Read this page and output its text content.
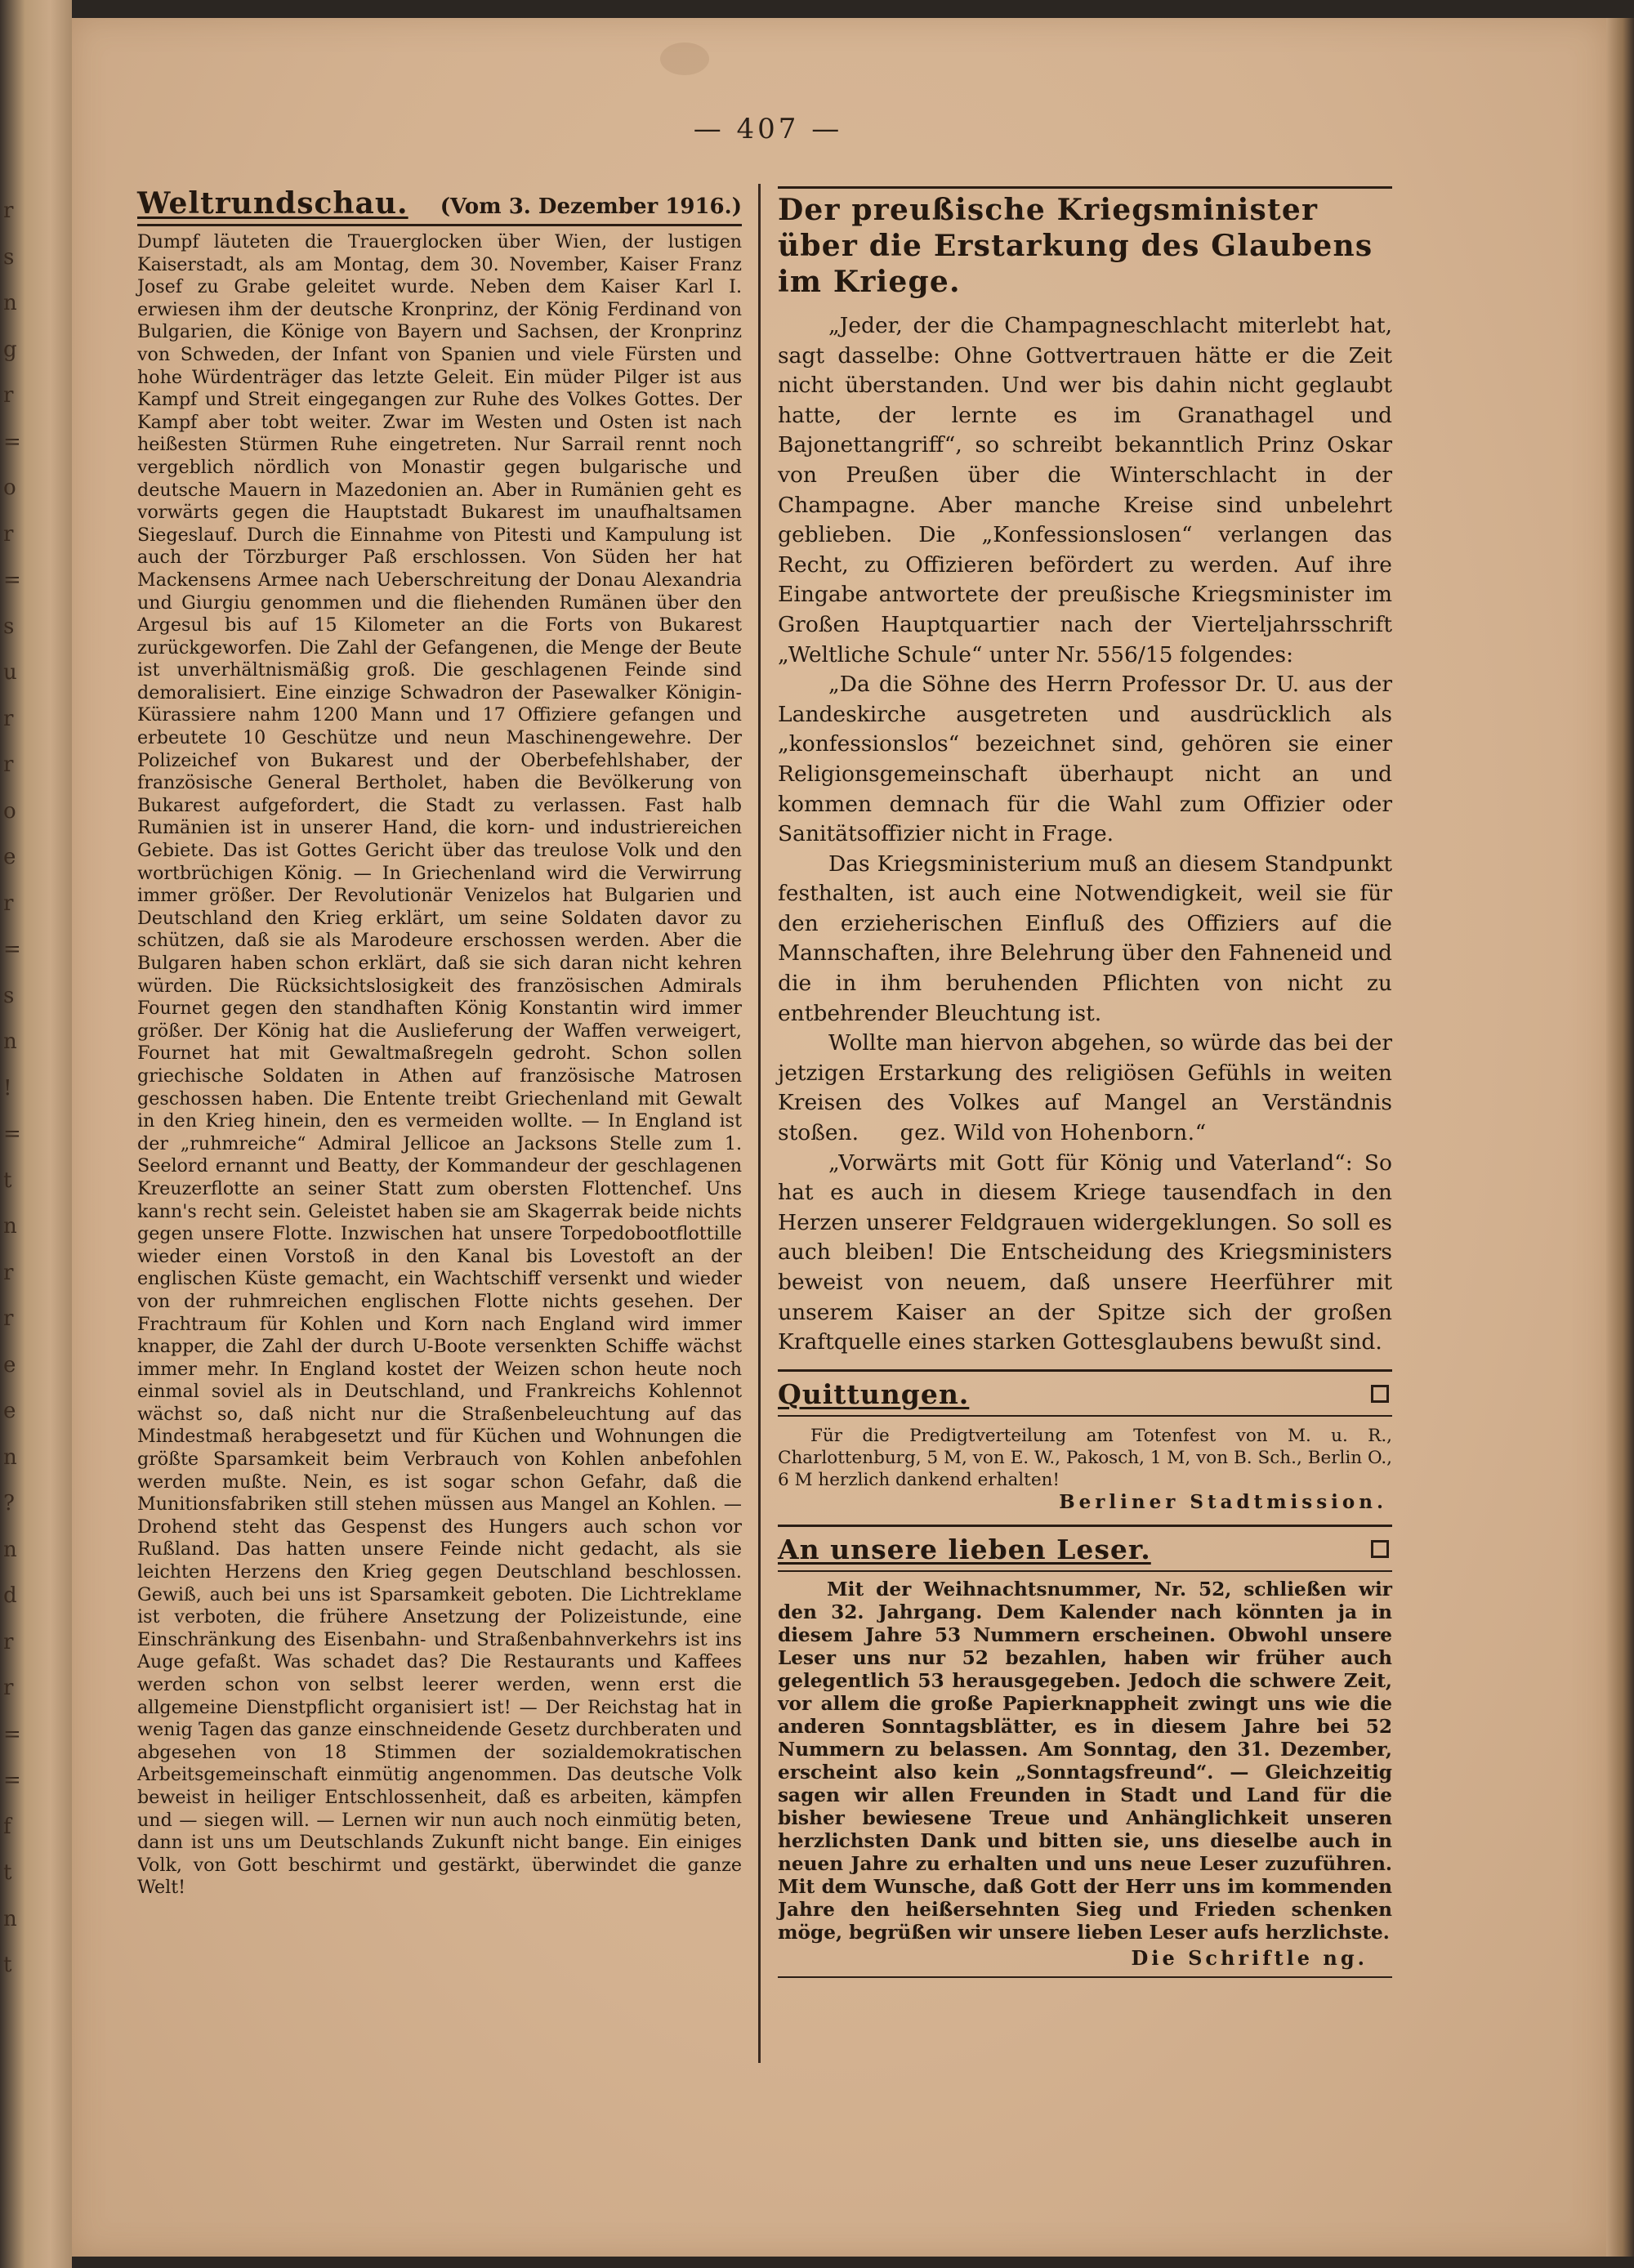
r
s
n
g
r
=
o
r
=
s
u
r
r
o
e
r
=
s
n
!
=
t
n
r
r
e
e
n
?
n
d
r
r
=
=
f
t
n
t
— 407 —
Weltrundschau. (Vom 3. Dezember 1916.)

Dumpf läuteten die Trauerglocken über Wien, der lustigen Kaiserstadt, als am Montag, dem 30. November, Kaiser Franz Josef zu Grabe geleitet wurde. Neben dem Kaiser Karl I. erwiesen ihm der deutsche Kronprinz, der König Ferdinand von Bulgarien, die Könige von Bayern und Sachsen, der Kronprinz von Schweden, der Infant von Spanien und viele Fürsten und hohe Würdenträger das letzte Geleit. Ein müder Pilger ist aus Kampf und Streit eingegangen zur Ruhe des Volkes Gottes. Der Kampf aber tobt weiter. Zwar im Westen und Osten ist nach heißesten Stürmen Ruhe eingetreten. Nur Sarrail rennt noch vergeblich nördlich von Monastir gegen bulgarische und deutsche Mauern in Mazedonien an. Aber in Rumänien geht es vorwärts gegen die Hauptstadt Bukarest im unaufhaltsamen Siegeslauf. Durch die Einnahme von Pitesti und Kampulung ist auch der Törzburger Paß erschlossen. Von Süden her hat Mackensens Armee nach Ueberschreitung der Donau Alexandria und Giurgiu genommen und die fliehenden Rumänen über den Argesul bis auf 15 Kilometer an die Forts von Bukarest zurückgeworfen. Die Zahl der Gefangenen, die Menge der Beute ist unverhältnismäßig groß. Die geschlagenen Feinde sind demoralisiert. Eine einzige Schwadron der Pasewalker Königin-Kürassiere nahm 1200 Mann und 17 Offiziere gefangen und erbeutete 10 Geschütze und neun Maschinengewehre. Der Polizeichef von Bukarest und der Oberbefehlshaber, der französische General Bertholet, haben die Bevölkerung von Bukarest aufgefordert, die Stadt zu verlassen. Fast halb Rumänien ist in unserer Hand, die korn- und industriereichen Gebiete. Das ist Gottes Gericht über das treulose Volk und den wortbrüchigen König. — In Griechenland wird die Verwirrung immer größer. Der Revolutionär Venizelos hat Bulgarien und Deutschland den Krieg erklärt, um seine Soldaten davor zu schützen, daß sie als Marodeure erschossen werden. Aber die Bulgaren haben schon erklärt, daß sie sich daran nicht kehren würden. Die Rücksichtslosigkeit des französischen Admirals Fournet gegen den standhaften König Konstantin wird immer größer. Der König hat die Auslieferung der Waffen verweigert, Fournet hat mit Gewaltmaßregeln gedroht. Schon sollen griechische Soldaten in Athen auf französische Matrosen geschossen haben. Die Entente treibt Griechenland mit Gewalt in den Krieg hinein, den es vermeiden wollte. — In England ist der „ruhmreiche“ Admiral Jellicoe an Jacksons Stelle zum 1. Seelord ernannt und Beatty, der Kommandeur der geschlagenen Kreuzerflotte an seiner Statt zum obersten Flottenchef. Uns kann's recht sein. Geleistet haben sie am Skagerrak beide nichts gegen unsere Flotte. Inzwischen hat unsere Torpedobootflottille wieder einen Vorstoß in den Kanal bis Lovestoft an der englischen Küste gemacht, ein Wachtschiff versenkt und wieder von der ruhmreichen englischen Flotte nichts gesehen. Der Frachtraum für Kohlen und Korn nach England wird immer knapper, die Zahl der durch U-Boote versenkten Schiffe wächst immer mehr. In England kostet der Weizen schon heute noch einmal soviel als in Deutschland, und Frankreichs Kohlennot wächst so, daß nicht nur die Straßenbeleuchtung auf das Mindestmaß herabgesetzt und für Küchen und Wohnungen die größte Sparsamkeit beim Verbrauch von Kohlen anbefohlen werden mußte. Nein, es ist sogar schon Gefahr, daß die Munitionsfabriken still stehen müssen aus Mangel an Kohlen. — Drohend steht das Gespenst des Hungers auch schon vor Rußland. Das hatten unsere Feinde nicht gedacht, als sie leichten Herzens den Krieg gegen Deutschland beschlossen. Gewiß, auch bei uns ist Sparsamkeit geboten. Die Lichtreklame ist verboten, die frühere Ansetzung der Polizeistunde, eine Einschränkung des Eisenbahn- und Straßenbahnverkehrs ist ins Auge gefaßt. Was schadet das? Die Restaurants und Kaffees werden schon von selbst leerer werden, wenn erst die allgemeine Dienstpflicht organisiert ist! — Der Reichstag hat in wenig Tagen das ganze einschneidende Gesetz durchberaten und abgesehen von 18 Stimmen der sozialdemokratischen Arbeitsgemeinschaft einmütig angenommen. Das deutsche Volk beweist in heiliger Entschlossenheit, daß es arbeiten, kämpfen und — siegen will. — Lernen wir nun auch noch einmütig beten, dann ist uns um Deutschlands Zukunft nicht bange. Ein einiges Volk, von Gott beschirmt und gestärkt, überwindet die ganze Welt!

Der preußische Kriegsminister über die Erstarkung des Glaubens im Kriege.

„Jeder, der die Champagneschlacht miterlebt hat, sagt dasselbe: Ohne Gottvertrauen hätte er die Zeit nicht überstanden. Und wer bis dahin nicht geglaubt hatte, der lernte es im Granathagel und Bajonettangriff“, so schreibt bekanntlich Prinz Oskar von Preußen über die Winterschlacht in der Champagne. Aber manche Kreise sind unbelehrt geblieben. Die „Konfessionslosen“ verlangen das Recht, zu Offizieren befördert zu werden. Auf ihre Eingabe antwortete der preußische Kriegsminister im Großen Hauptquartier nach der Vierteljahrsschrift „Weltliche Schule“ unter Nr. 556/15 folgendes:

„Da die Söhne des Herrn Professor Dr. U. aus der Landeskirche ausgetreten und ausdrücklich als „konfessionslos“ bezeichnet sind, gehören sie einer Religionsgemeinschaft überhaupt nicht an und kommen demnach für die Wahl zum Offizier oder Sanitätsoffizier nicht in Frage.

Das Kriegsministerium muß an diesem Standpunkt festhalten, ist auch eine Notwendigkeit, weil sie für den erzieherischen Einfluß des Offiziers auf die Mannschaften, ihre Belehrung über den Fahneneid und die in ihm beruhenden Pflichten von nicht zu entbehrender Bleuchtung ist.

Wollte man hiervon abgehen, so würde das bei der jetzigen Erstarkung des religiösen Gefühls in weiten Kreisen des Volkes auf Mangel an Verständnis stoßen. gez. Wild von Hohenborn.“

„Vorwärts mit Gott für König und Vaterland“: So hat es auch in diesem Kriege tausendfach in den Herzen unserer Feldgrauen widergeklungen. So soll es auch bleiben! Die Entscheidung des Kriegsministers beweist von neuem, daß unsere Heerführer mit unserem Kaiser an der Spitze sich der großen Kraftquelle eines starken Gottesglaubens bewußt sind.

Quittungen.

Für die Predigtverteilung am Totenfest von M. u. R., Charlottenburg, 5 M, von E. W., Pakosch, 1 M, von B. Sch., Berlin O., 6 M herzlich dankend erhalten!

Berliner Stadtmission.
An unsere lieben Leser.

Mit der Weihnachtsnummer, Nr. 52, schließen wir den 32. Jahrgang. Dem Kalender nach könnten ja in diesem Jahre 53 Nummern erscheinen. Obwohl unsere Leser uns nur 52 bezahlen, haben wir früher auch gelegentlich 53 herausgegeben. Jedoch die schwere Zeit, vor allem die große Papierknappheit zwingt uns wie die anderen Sonntagsblätter, es in diesem Jahre bei 52 Nummern zu belassen. Am Sonntag, den 31. Dezember, erscheint also kein „Sonntagsfreund“. — Gleichzeitig sagen wir allen Freunden in Stadt und Land für die bisher bewiesene Treue und Anhänglichkeit unseren herzlichsten Dank und bitten sie, uns dieselbe auch in neuen Jahre zu erhalten und uns neue Leser zuzuführen. Mit dem Wunsche, daß Gott der Herr uns im kommenden Jahre den heißersehnten Sieg und Frieden schenken möge, begrüßen wir unsere lieben Leser aufs herzlichste.

Die Schriftle ng.
